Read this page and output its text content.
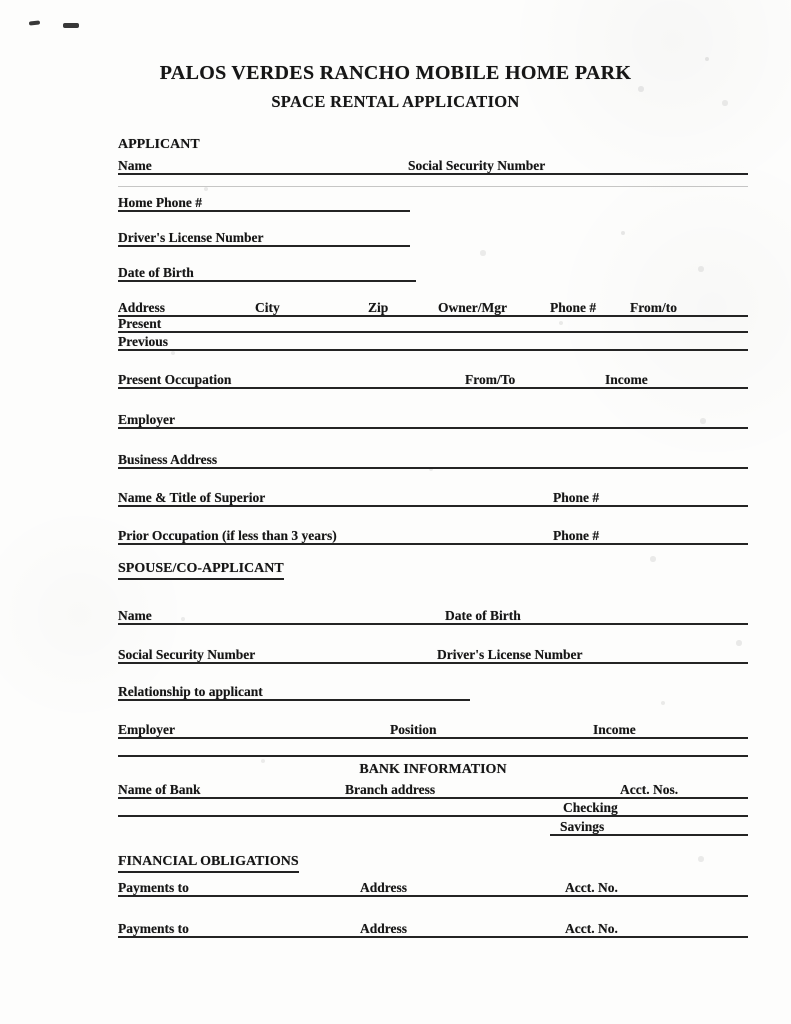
PALOS VERDES RANCHO MOBILE HOME PARK
SPACE RENTAL APPLICATION
APPLICANT
Name	Social Security Number
Home Phone #
Driver's License Number
Date of Birth
Address	City	Zip	Owner/Mgr	Phone #	From/to
Present
Previous
Present Occupation	From/To	Income
Employer
Business Address
Name & Title of Superior	Phone #
Prior Occupation (if less than 3 years)	Phone #
SPOUSE/CO-APPLICANT
Name	Date of Birth
Social Security Number	Driver's License Number
Relationship to applicant
Employer	Position	Income
BANK INFORMATION
Name of Bank	Branch address	Acct. Nos.
Checking
Savings
FINANCIAL OBLIGATIONS
Payments to	Address	Acct. No.
Payments to	Address	Acct. No.
